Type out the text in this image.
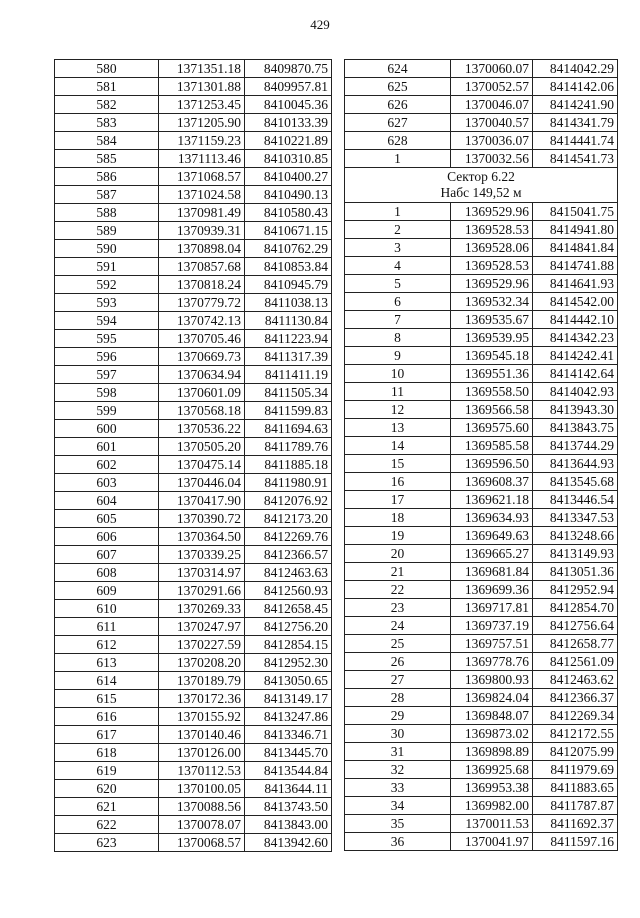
429
580	1371351.18	8409870.75
581	1371301.88	8409957.81
582	1371253.45	8410045.36
583	1371205.90	8410133.39
584	1371159.23	8410221.89
585	1371113.46	8410310.85
586	1371068.57	8410400.27
587	1371024.58	8410490.13
588	1370981.49	8410580.43
589	1370939.31	8410671.15
590	1370898.04	8410762.29
591	1370857.68	8410853.84
592	1370818.24	8410945.79
593	1370779.72	8411038.13
594	1370742.13	8411130.84
595	1370705.46	8411223.94
596	1370669.73	8411317.39
597	1370634.94	8411411.19
598	1370601.09	8411505.34
599	1370568.18	8411599.83
600	1370536.22	8411694.63
601	1370505.20	8411789.76
602	1370475.14	8411885.18
603	1370446.04	8411980.91
604	1370417.90	8412076.92
605	1370390.72	8412173.20
606	1370364.50	8412269.76
607	1370339.25	8412366.57
608	1370314.97	8412463.63
609	1370291.66	8412560.93
610	1370269.33	8412658.45
611	1370247.97	8412756.20
612	1370227.59	8412854.15
613	1370208.20	8412952.30
614	1370189.79	8413050.65
615	1370172.36	8413149.17
616	1370155.92	8413247.86
617	1370140.46	8413346.71
618	1370126.00	8413445.70
619	1370112.53	8413544.84
620	1370100.05	8413644.11
621	1370088.56	8413743.50
622	1370078.07	8413843.00
623	1370068.57	8413942.60
624	1370060.07	8414042.29
625	1370052.57	8414142.06
626	1370046.07	8414241.90
627	1370040.57	8414341.79
628	1370036.07	8414441.74
1	1370032.56	8414541.73

Сектор 6.22
Набс 149,52 м		

1	1369529.96	8415041.75
2	1369528.53	8414941.80
3	1369528.06	8414841.84
4	1369528.53	8414741.88
5	1369529.96	8414641.93
6	1369532.34	8414542.00
7	1369535.67	8414442.10
8	1369539.95	8414342.23
9	1369545.18	8414242.41
10	1369551.36	8414142.64
11	1369558.50	8414042.93
12	1369566.58	8413943.30
13	1369575.60	8413843.75
14	1369585.58	8413744.29
15	1369596.50	8413644.93
16	1369608.37	8413545.68
17	1369621.18	8413446.54
18	1369634.93	8413347.53
19	1369649.63	8413248.66
20	1369665.27	8413149.93
21	1369681.84	8413051.36
22	1369699.36	8412952.94
23	1369717.81	8412854.70
24	1369737.19	8412756.64
25	1369757.51	8412658.77
26	1369778.76	8412561.09
27	1369800.93	8412463.62
28	1369824.04	8412366.37
29	1369848.07	8412269.34
30	1369873.02	8412172.55
31	1369898.89	8412075.99
32	1369925.68	8411979.69
33	1369953.38	8411883.65
34	1369982.00	8411787.87
35	1370011.53	8411692.37
36	1370041.97	8411597.16
